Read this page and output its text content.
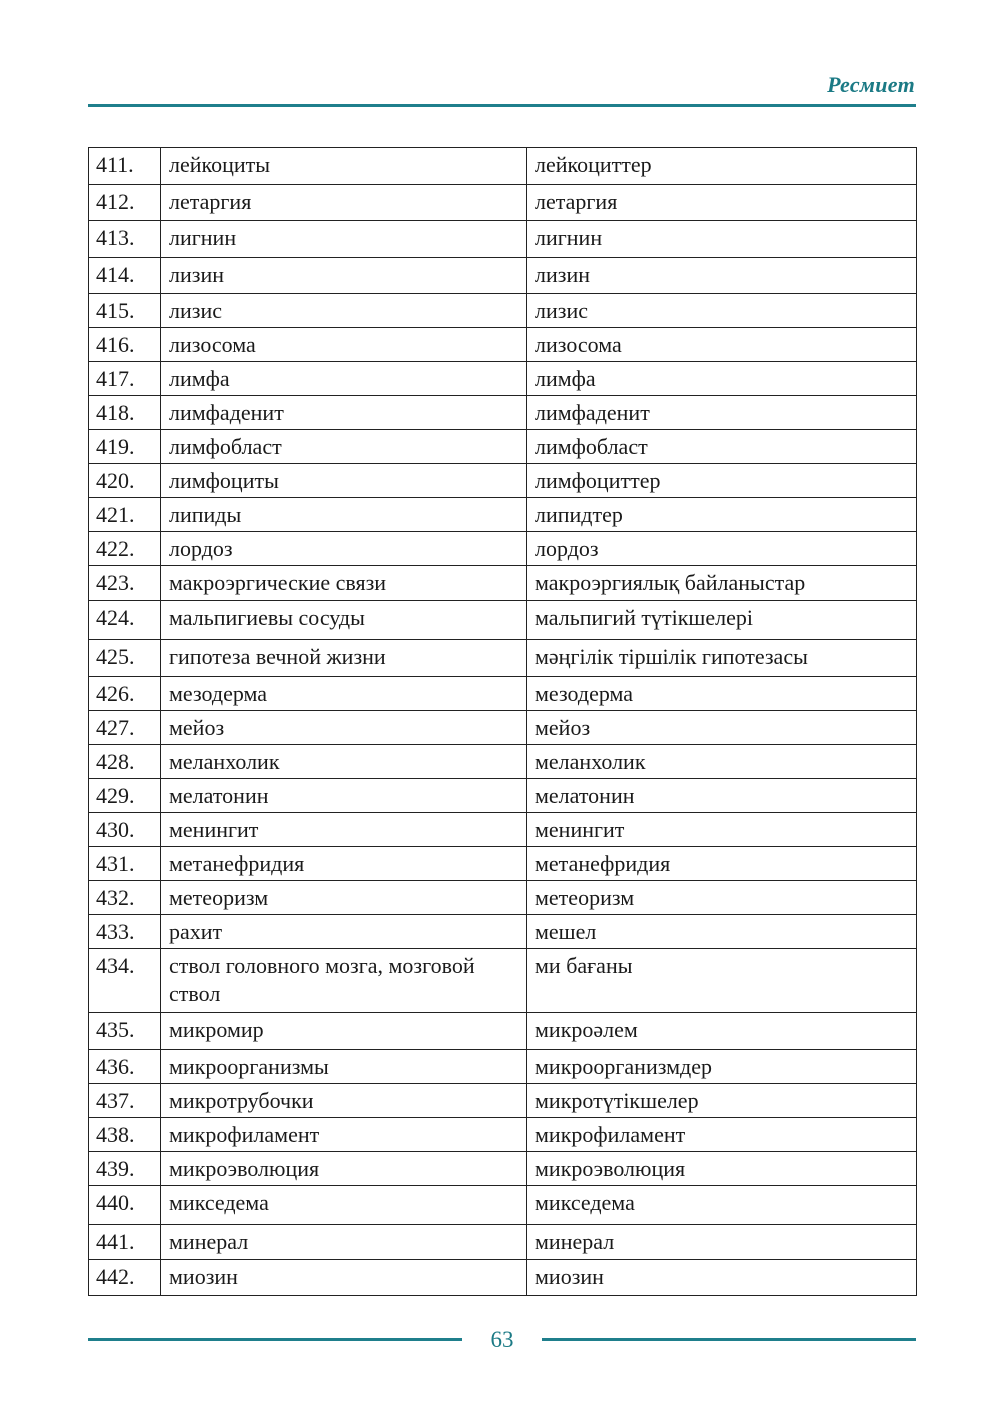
Ресмиет
411.	лейкоциты	лейкоциттер
412.	летаргия	летаргия
413.	лигнин	лигнин
414.	лизин	лизин
415.	лизис	лизис
416.	лизосома	лизосома
417.	лимфа	лимфа
418.	лимфаденит	лимфаденит
419.	лимфобласт	лимфобласт
420.	лимфоциты	лимфоциттер
421.	липиды	липидтер
422.	лордоз	лордоз
423.	макроэргические связи	макроэргиялық байланыстар
424.	мальпигиевы сосуды	мальпигий түтікшелері
425.	гипотеза вечной жизни	мәңгілік тіршілік гипотезасы
426.	мезодерма	мезодерма
427.	мейоз	мейоз
428.	меланхолик	меланхолик
429.	мелатонин	мелатонин
430.	менингит	менингит
431.	метанефридия	метанефридия
432.	метеоризм	метеоризм
433.	рахит	мешел
434.	ствол головного мозга, мозговой ствол	ми бағаны
435.	микромир	микроәлем
436.	микроорганизмы	микроорганизмдер
437.	микротрубочки	микротүтікшелер
438.	микрофиламент	микрофиламент
439.	микроэволюция	микроэволюция
440.	микседема	микседема
441.	минерал	минерал
442.	миозин	миозин
63
